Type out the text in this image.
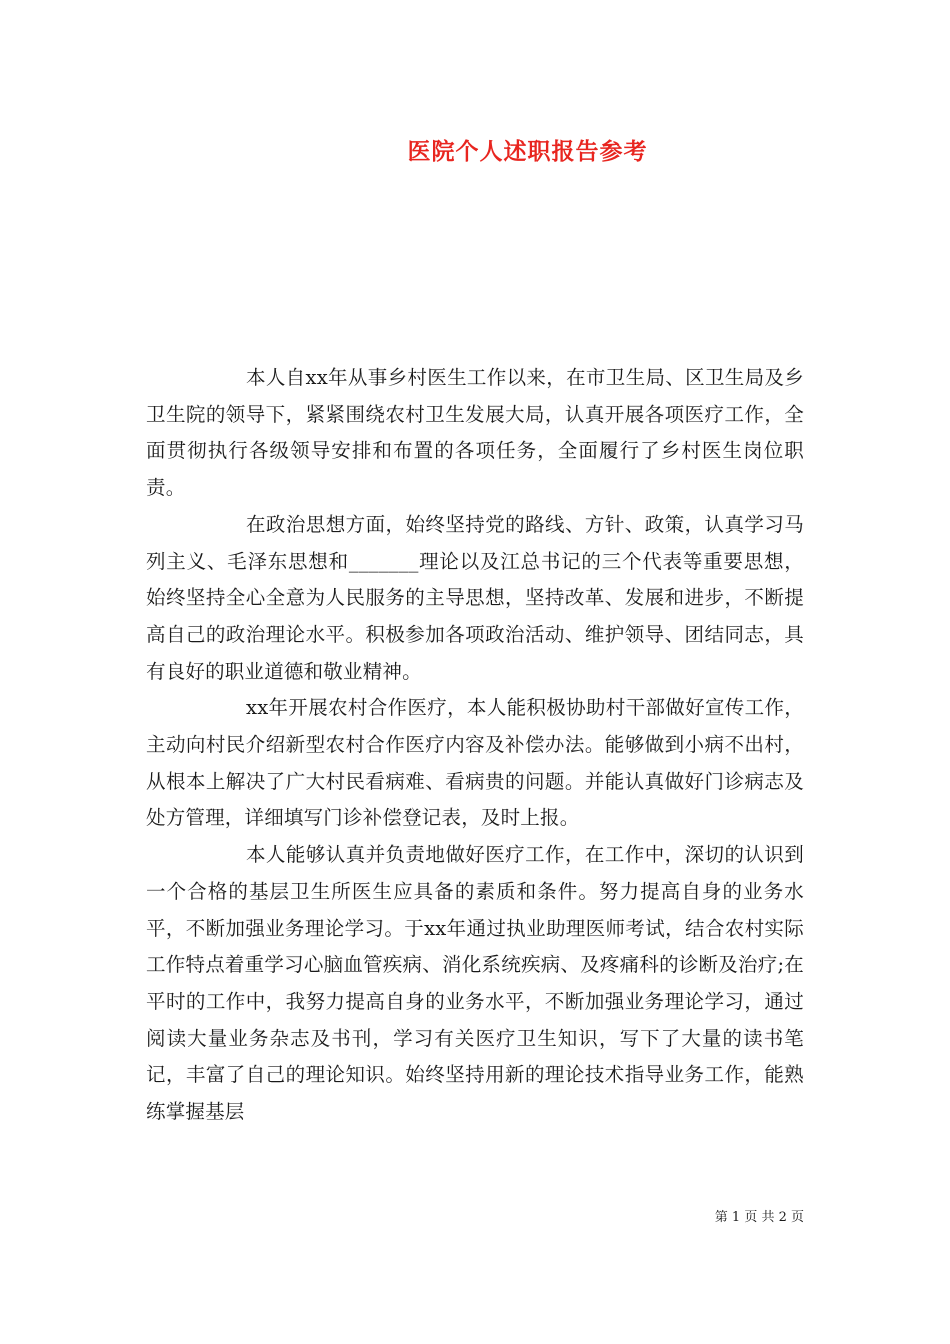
医院个人述职报告参考

本人自xx年从事乡村医生工作以来，在市卫生局、区卫生局及乡卫生院的领导下，紧紧围绕农村卫生发展大局，认真开展各项医疗工作，全面贯彻执行各级领导安排和布置的各项任务，全面履行了乡村医生岗位职责。

在政治思想方面，始终坚持党的路线、方针、政策，认真学习马列主义、毛泽东思想和_______理论以及江总书记的三个代表等重要思想，始终坚持全心全意为人民服务的主导思想，坚持改革、发展和进步，不断提高自己的政治理论水平。积极参加各项政治活动、维护领导、团结同志，具有良好的职业道德和敬业精神。

xx年开展农村合作医疗，本人能积极协助村干部做好宣传工作，主动向村民介绍新型农村合作医疗内容及补偿办法。能够做到小病不出村，从根本上解决了广大村民看病难、看病贵的问题。并能认真做好门诊病志及处方管理，详细填写门诊补偿登记表，及时上报。

本人能够认真并负责地做好医疗工作，在工作中，深切的认识到一个合格的基层卫生所医生应具备的素质和条件。努力提高自身的业务水平，不断加强业务理论学习。于xx年通过执业助理医师考试，结合农村实际工作特点着重学习心脑血管疾病、消化系统疾病、及疼痛科的诊断及治疗;在平时的工作中，我努力提高自身的业务水平，不断加强业务理论学习，通过阅读大量业务杂志及书刊，学习有关医疗卫生知识，写下了大量的读书笔记，丰富了自己的理论知识。始终坚持用新的理论技术指导业务工作，能熟练掌握基层

第 1 页 共 2 页
